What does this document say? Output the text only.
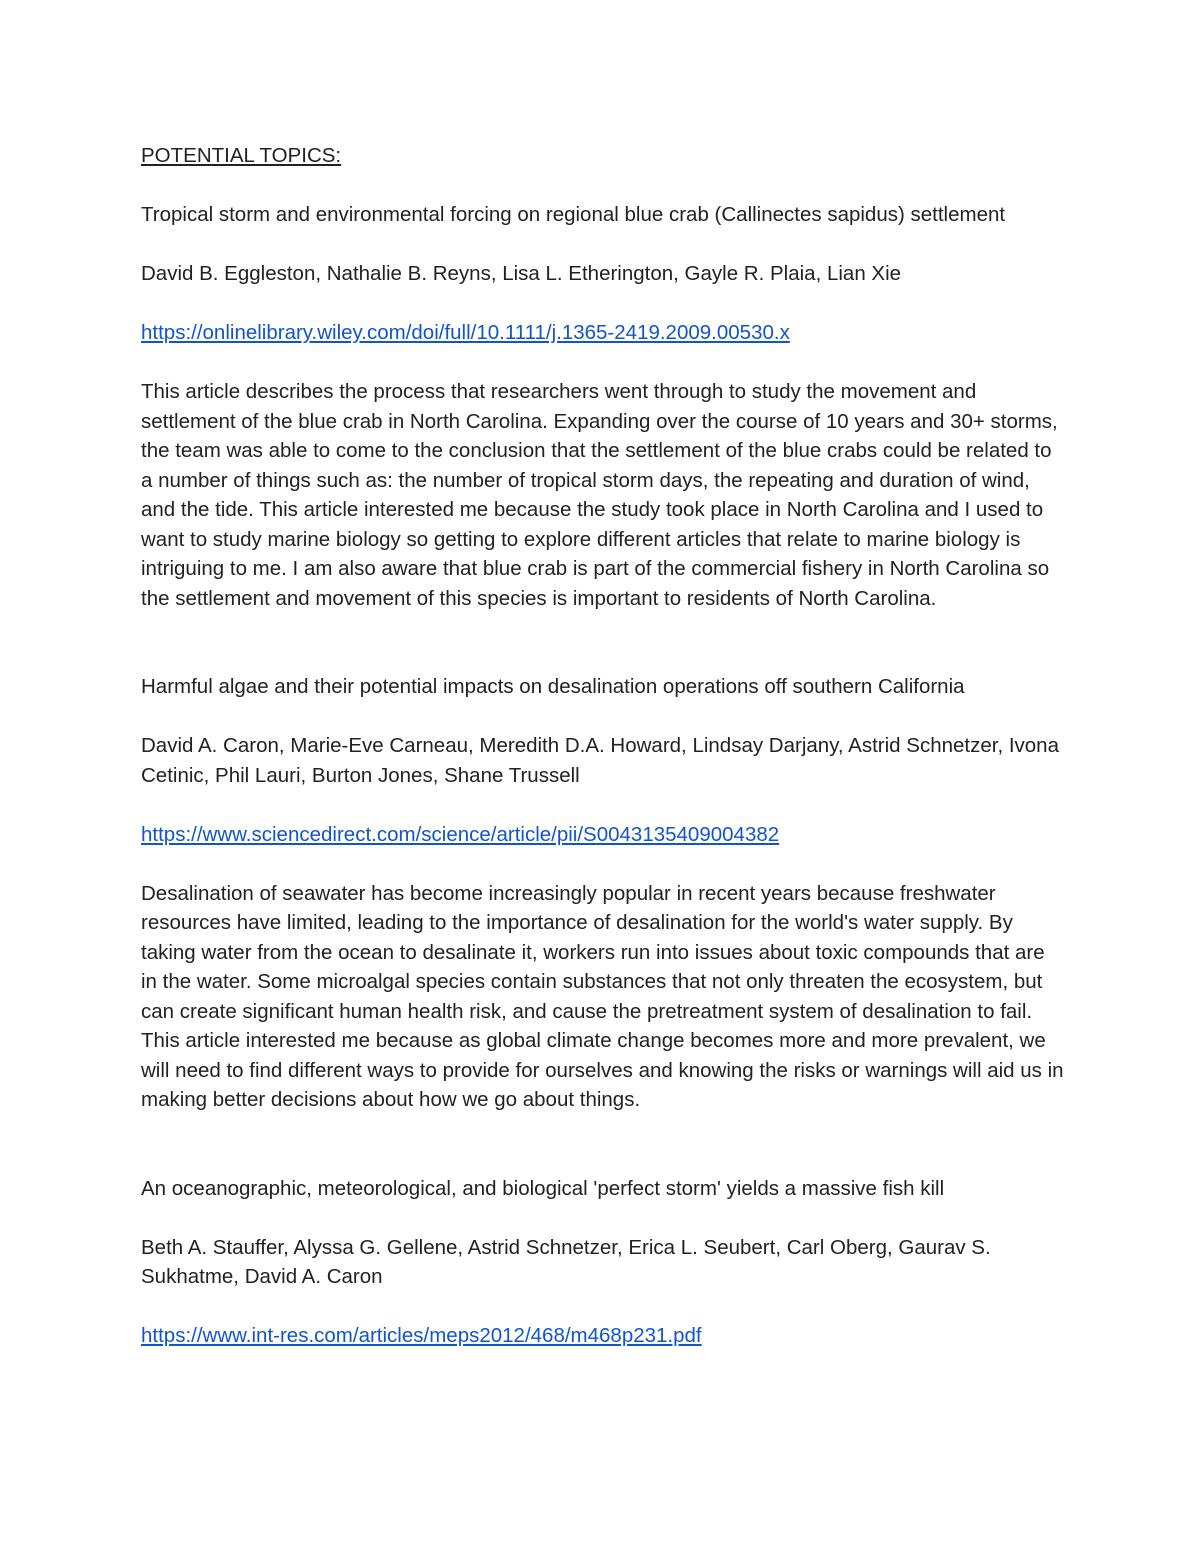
POTENTIAL TOPICS:

Tropical storm and environmental forcing on regional blue crab (Callinectes sapidus) settlement

David B. Eggleston, Nathalie B. Reyns, Lisa L. Etherington, Gayle R. Plaia, Lian Xie

https://onlinelibrary.wiley.com/doi/full/10.1111/j.1365-2419.2009.00530.x

This article describes the process that researchers went through to study the movement and settlement of the blue crab in North Carolina. Expanding over the course of 10 years and 30+ storms, the team was able to come to the conclusion that the settlement of the blue crabs could be related to a number of things such as: the number of tropical storm days, the repeating and duration of wind, and the tide. This article interested me because the study took place in North Carolina and I used to want to study marine biology so getting to explore different articles that relate to marine biology is intriguing to me. I am also aware that blue crab is part of the commercial fishery in North Carolina so the settlement and movement of this species is important to residents of North Carolina.

Harmful algae and their potential impacts on desalination operations off southern California

David A. Caron, Marie-Eve Carneau, Meredith D.A. Howard, Lindsay Darjany, Astrid Schnetzer, Ivona Cetinic, Phil Lauri, Burton Jones, Shane Trussell

https://www.sciencedirect.com/science/article/pii/S0043135409004382

Desalination of seawater has become increasingly popular in recent years because freshwater resources have limited, leading to the importance of desalination for the world's water supply. By taking water from the ocean to desalinate it, workers run into issues about toxic compounds that are in the water. Some microalgal species contain substances that not only threaten the ecosystem, but can create significant human health risk, and cause the pretreatment system of desalination to fail. This article interested me because as global climate change becomes more and more prevalent, we will need to find different ways to provide for ourselves and knowing the risks or warnings will aid us in making better decisions about how we go about things.

An oceanographic, meteorological, and biological 'perfect storm' yields a massive fish kill

Beth A. Stauffer, Alyssa G. Gellene, Astrid Schnetzer, Erica L. Seubert, Carl Oberg, Gaurav S. Sukhatme, David A. Caron

https://www.int-res.com/articles/meps2012/468/m468p231.pdf
